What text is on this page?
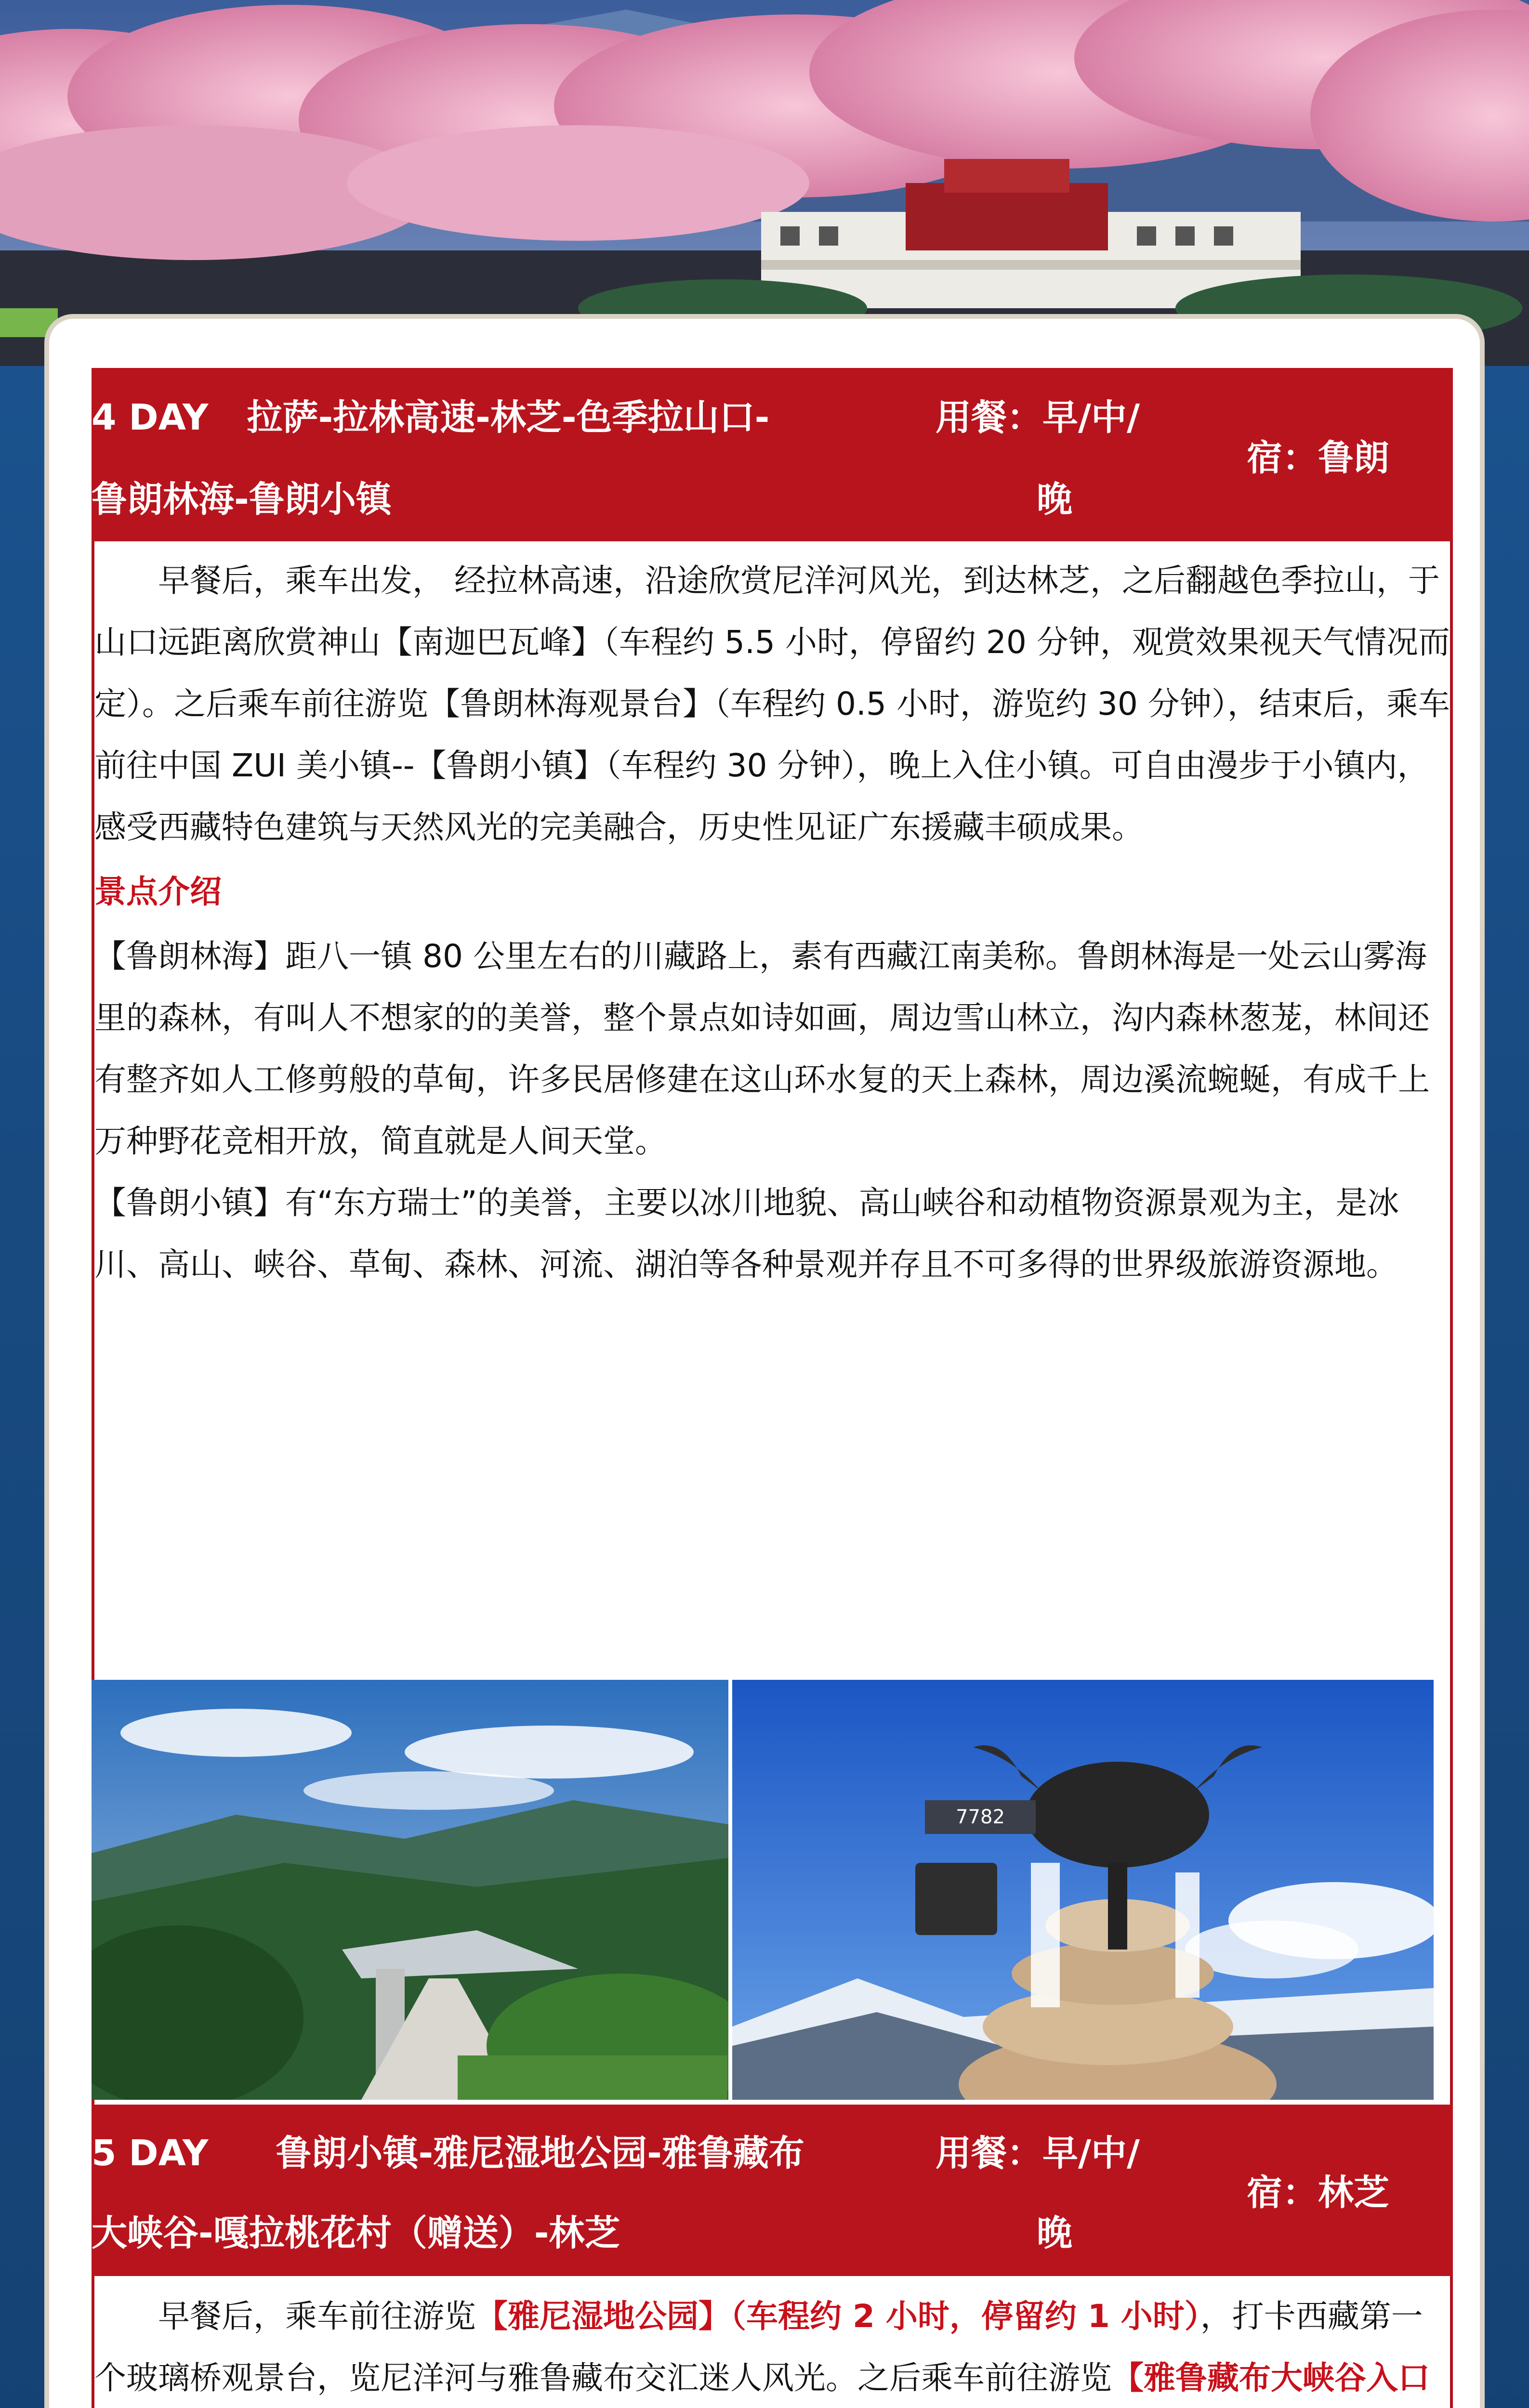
4 DAY 拉萨-拉林高速-林芝-色季拉山口-
鲁朗林海-鲁朗小镇
用餐：早/中/
晚
宿：鲁朗

早餐后，乘车出发， 经拉林高速，沿途欣赏尼洋河风光，到达林芝，之后翻越色季拉山，于山口远距离欣赏神山【南迦巴瓦峰】（车程约 5.5 小时，停留约 20 分钟，观赏效果视天气情况而定）。之后乘车前往游览【鲁朗林海观景台】（车程约 0.5 小时，游览约 30 分钟），结束后，乘车前往中国 ZUI 美小镇--【鲁朗小镇】（车程约 30 分钟），晚上入住小镇。可自由漫步于小镇内，感受西藏特色建筑与天然风光的完美融合，历史性见证广东援藏丰硕成果。

景点介绍

【鲁朗林海】距八一镇 80 公里左右的川藏路上，素有西藏江南美称。鲁朗林海是一处云山雾海里的森林，有叫人不想家的的美誉，整个景点如诗如画，周边雪山林立，沟内森林葱茏，林间还有整齐如人工修剪般的草甸，许多民居修建在这山环水复的天上森林，周边溪流蜿蜒，有成千上万种野花竞相开放，简直就是人间天堂。

【鲁朗小镇】有“东方瑞士”的美誉，主要以冰川地貌、高山峡谷和动植物资源景观为主，是冰川、高山、峡谷、草甸、森林、河流、湖泊等各种景观并存且不可多得的世界级旅游资源地。

7782
5 DAY 鲁朗小镇-雅尼湿地公园-雅鲁藏布
大峡谷-嘎拉桃花村（赠送）-林芝
用餐：早/中/
晚
宿：林芝

早餐后，乘车前往游览【雅尼湿地公园】（车程约 2 小时，停留约 1 小时），打卡西藏第一个玻璃桥观景台，览尼洋河与雅鲁藏布交汇迷人风光。之后乘车前往游览【雅鲁藏布大峡谷入口
